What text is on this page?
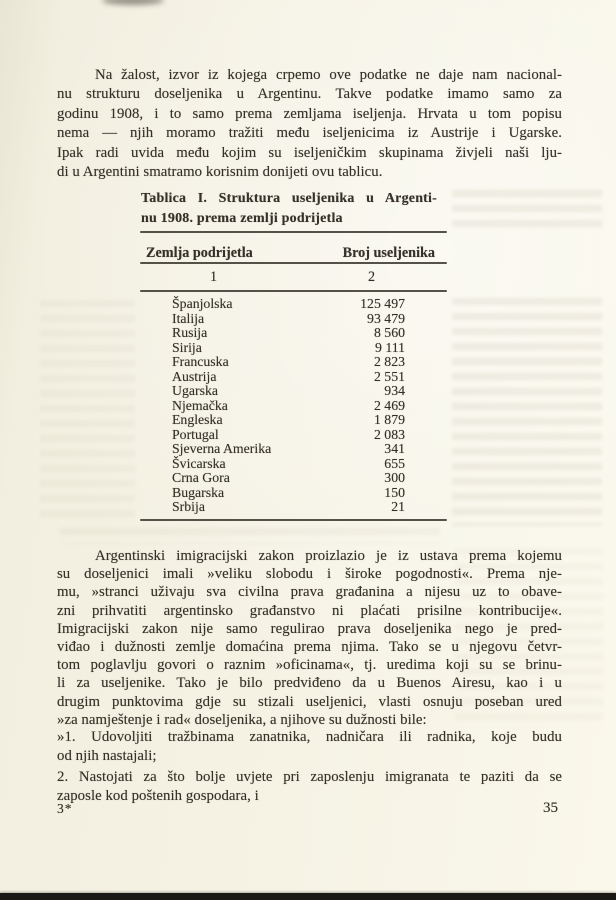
Na žalost, izvor iz kojega crpemo ove podatke ne daje nam nacional-
nu strukturu doseljenika u Argentinu. Takve podatke imamo samo za
godinu 1908, i to samo prema zemljama iseljenja. Hrvata u tom popisu
nema — njih moramo tražiti među iseljenicima iz Austrije i Ugarske.
Ipak radi uvida među kojim su iseljeničkim skupinama živjeli naši lju-
di u Argentini smatramo korisnim donijeti ovu tablicu.
Tablica I. Struktura useljenika u Argenti-
nu 1908. prema zemlji podrijetla
Zemlja podrijetla	Broj useljenika
1	2
Španjolska	125 497
Italija	93 479
Rusija	8 560
Sirija	9 111
Francuska	2 823
Austrija	2 551
Ugarska	934
Njemačka	2 469
Engleska	1 879
Portugal	2 083
Sjeverna Amerika	341
Švicarska	655
Crna Gora	300
Bugarska	150
Srbija	21
Argentinski imigracijski zakon proizlazio je iz ustava prema kojemu
su doseljenici imali »veliku slobodu i široke pogodnosti«. Prema nje-
mu, »stranci uživaju sva civilna prava građanina a nijesu uz to obave-
zni prihvatiti argentinsko građanstvo ni plaćati prisilne kontribucije«.
Imigracijski zakon nije samo regulirao prava doseljenika nego je pred-
viđao i dužnosti zemlje domaćina prema njima. Tako se u njegovu četvr-
tom poglavlju govori o raznim »oficinama«, tj. uredima koji su se brinu-
li za useljenike. Tako je bilo predviđeno da u Buenos Airesu, kao i u
drugim punktovima gdje su stizali useljenici, vlasti osnuju poseban ured
»za namještenje i rad« doseljenika, a njihove su dužnosti bile:
»1. Udovoljiti tražbinama zanatnika, nadničara ili radnika, koje budu
od njih nastajali;
2. Nastojati za što bolje uvjete pri zaposlenju imigranata te paziti da se
zaposle kod poštenih gospodara, i
3*	35
